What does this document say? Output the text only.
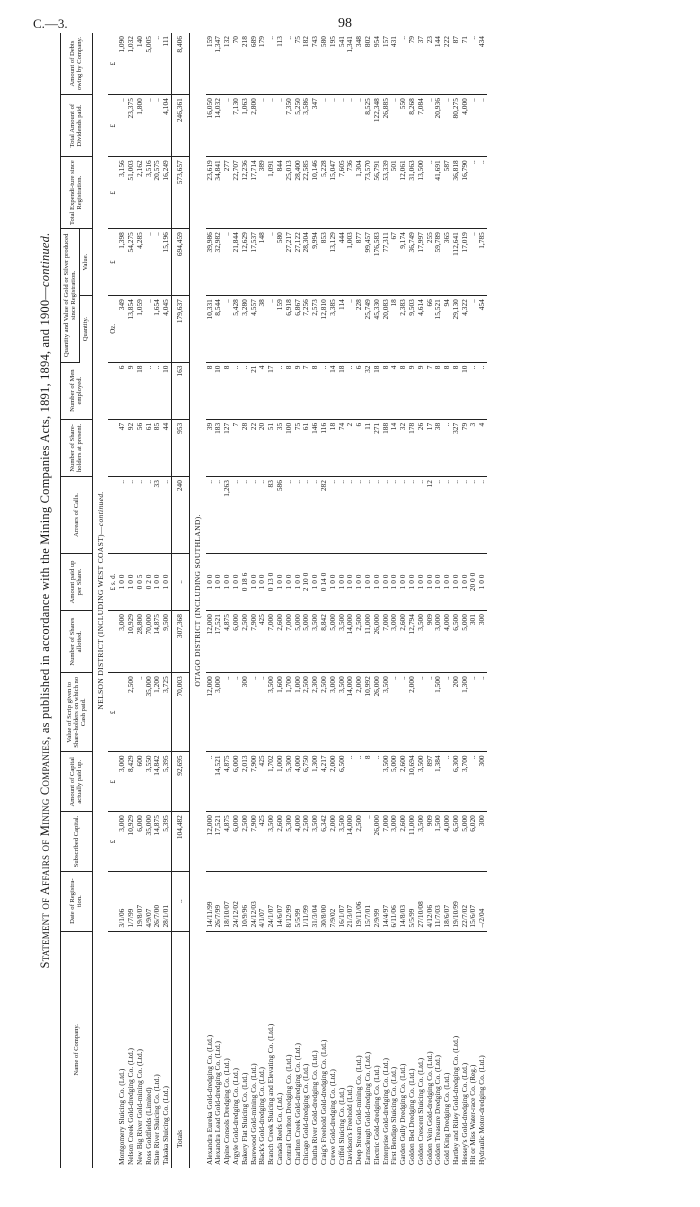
C.—3.	98
Statement of Affairs of Mining Companies, as published in accordance with the Mining Companies Acts, 1891, 1894, and 1900—continued.
Name of Company.	Date of Registra-tion.	Subscribed Capital.	Amount of Capital actually paid up.	Value of Scrip given to Share-holders on which no Cash paid.	Number of Shares allotted.	Amount paid up per Share.	Arrears of Calls.	Number of Share-holders at present.	Number of Men employed.	Quantity and Value of Gold or Silver produced since Registration.		Total Expendi-ture since Registration.	Total Amount of Dividends paid.	Amount of Debts owing by Company.
										Quantity.	Value.			
NELSON DISTRICT (INCLUDING WEST COAST)—continued.														
		£	£	£		£ s. d.				Oz.	£	£	£	£
Montgomery Sluicing Co. (Ltd.)	3/1/06	3,000	3,000		3,000	1 0 0	..	47	6	349	1,398	3,156	..	1,090
Nelson Creek Gold-dredging Co. (Ltd.)	1/7/99	10,929	8,429	2,500	10,929	1 0 0	..	92	9	13,854	54,275	51,003	23,375	1,032
New Big River Gold-mining Co. (Ltd.)	19/8/07	6,000	600	..	28,800	0 0 5	..	56	18	1,059	4,285	2,162	1,800	140
Ross Goldfields (Limited)	4/9/07	35,000	3,550	35,000	70,000	0 2 0	..	61	..	..	..	3,516	..	5,005
Slate River Sluicing Co. (Ltd.)	26/7/00	14,875	14,842	1,200	14,875	1 0 0	33	85	..	1,654	..	20,575	..	..
Takaka Sluicing Co. (Ltd.)	28/1/01	5,395	5,395	3,725	9,500	1 0 0	..	44	10	4,045	15,196	16,249	4,104	111
Totals	..	104,482	92,695	70,003	307,368	..	240	953	163	179,637	694,459	573,657	246,361	8,406
OTAGO DISTRICT (INCLUDING SOUTHLAND).														
Alexandra Eureka Gold-dredging Co. (Ltd.)	14/11/99	12,000	..	12,000	12,000	1 0 0	..	39	8	10,331	39,986	23,619	16,050	159
Alexandra Lead Gold-dredging Co. (Ltd.)	26/7/99	17,521	14,521	3,000	17,521	1 0 0	..	183	10	8,544	32,982	34,841	14,032	1,347
Alpine Consols Dredging Co. (Ltd.)	18/10/07	4,875	4,875	..	4,875	1 0 0	1,263	127	8	..	..	277	..	132
Argyle Gold-dredging Co. (Ltd.)	24/12/02	6,000	6,000	..	6,000	1 0 0	..	7	..	5,428	21,844	22,707	7,130	70
Bakery Flat Sluicing Co. (Ltd.)	10/9/96	2,500	2,013	300	2,500	0 18 6	..	28	..	3,280	12,629	12,236	1,063	218
Barewood Gold-mining Co. (Ltd.)	24/12/03	7,900	7,900	..	7,900	1 0 0	..	22	21	4,557	17,537	17,714	2,800	689
Black's Gold-dredging Co. (Ltd.)	4/1/07	425	425	..	425	1 0 0	..	20	4	38	148	389	..	179
Branch Creek Sluicing and Elevating Co. (Ltd.)	24/1/07	3,500	1,702	3,500	7,000	0 13 0	83	51	17	..	..	1,091	..	..
Canada Reefs Co. (Ltd.)	14/6/07	2,600	1,000	1,600	2,600	1 0 0	586	35	..	159	580	844	..	113
Central Charlton Dredging Co. (Ltd.)	8/12/99	5,300	5,300	1,700	7,000	1 0 0	..	100	8	6,918	27,217	25,013	7,350	..
Charlton Creek Gold-dredging Co. (Ltd.)	5/5/99	4,000	4,000	1,000	5,000	1 0 0	..	75	9	6,867	27,122	28,400	5,250	75
Chicago Gold-dredging Co. (Ltd.)	1/11/99	2,500	6,750	2,500	5,000	2 10 0	..	61	7	7,256	28,304	22,585	3,586	182
Clutha River Gold-dredging Co. (Ltd.)	31/3/04	3,500	1,300	2,300	3,500	1 0 0	..	146	8	2,573	9,994	10,146	347	743
Craig's Freehold Gold-dredging Co. (Ltd.)	30/8/00	6,342	4,217	2,500	8,842	0 14 0	282	116	..	12,810	853	5,228	..	580
Crewe Gold-dredging Co. (Ltd.)	7/9/02	2,000	2,000	3,000	5,000	1 0 0	..	18	14	3,385	13,129	15,047	..	195
Criffel Sluicing Co. (Ltd.)	16/1/07	3,500	6,500	3,500	3,500	1 0 0	..	74	18	114	444	7,605	..	541
Davidson's Freehold (Ltd.)	21/3/07	14,000	..	14,000	14,000	1 0 0	..	2	..	..	1,003	736	..	1,341
Deep Stream Gold-mining Co. (Ltd.)	19/11/06	2,500	..	2,000	2,500	1 0 0	..	6	6	228	877	1,304	..	348
Earnscleugh Gold-dredging Co. (Ltd.)	15/7/01	..	8	10,992	11,000	1 0 0	..	11	32	25,749	99,457	73,570	8,525	802
Electric Gold-dredging Co. (Ltd.)	2/9/99	26,000	..	26,000	26,000	1 0 0	..	271	18	45,330	176,583	56,791	122,348	954
Enterprise Gold-dredging Co. (Ltd.)	14/4/97	7,000	3,500	3,500	7,000	1 0 0	..	188	8	20,083	77,311	53,339	26,885	157
First Bendigo Sluicing Co. (Ltd.)	6/11/06	3,000	5,000	..	3,000	1 0 0	..	14	4	18	67	501	..	431
Garden Gully Dredging Co. (Ltd.)	14/8/03	2,600	2,600	..	2,600	1 0 0	..	32	8	2,383	9,174	12,061	550	..
Golden Bed Dredging Co. (Ltd.)	5/5/99	11,000	10,694	2,000	12,794	1 0 0	..	178	9	9,503	36,749	31,063	8,268	79
Golden Crescent Sluicing Co. (Ltd.)	27/10/08	3,500	3,500	..	3,500	1 0 0	..	26	9	4,614	17,997	13,500	7,084	37
Golden Vein Gold-dredging Co. (Ltd.)	4/12/06	909	897	..	909	1 0 0	12	17	7	66	255	..	..	23
Golden Treasure Dredging Co. (Ltd.)	11/7/03	1,500	1,384	1,500	3,000	1 0 0	..	38	8	15,521	59,789	41,691	20,936	144
Gold King Dredging Co. (Ltd.)	18/6/07	4,000	..	..	4,000	1 0 0	..	..	8	94	365	587	..	222
Hartley and Riley Gold-dredging Co. (Ltd.)	19/10/99	6,500	6,300	200	6,500	1 0 0	..	327	8	29,130	112,641	36,818	80,275	87
Hessey's Gold-dredging Co. (Ltd.)	22/7/02	5,000	3,700	1,300	5,000	1 0 0	..	79	10	4,322	17,019	16,790	4,000	71
Hit or Miss Water-race Co. (Reg.)	15/6/07	6,020	..	..	301	20 0 0	..	3	..	..	..	..	..	..
Hydraulic Motor-dredging Co. (Ltd.)	–/2/04	300	300	..	300	1 0 0	..	4	..	454	1,785	..	..	434
